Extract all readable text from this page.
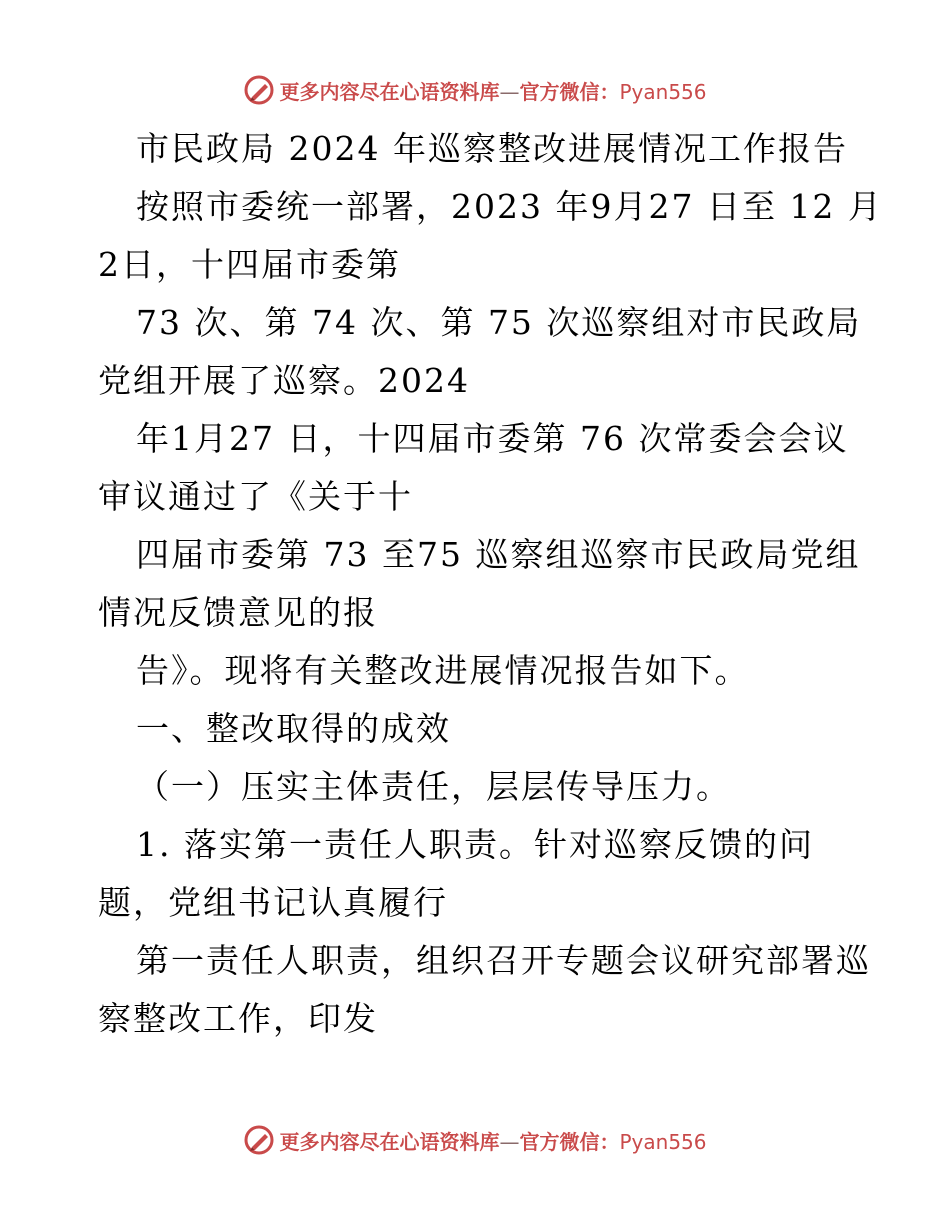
更多内容尽在心语资料库—官方微信：Pyan556
市民政局 2024 年巡察整改进展情况工作报告
按照市委统一部署，2023 年9月27 日至 12 月
2日，十四届市委第
73 次、第 74 次、第 75 次巡察组对市民政局
党组开展了巡察。2024
年1月27 日，十四届市委第 76 次常委会会议
审议通过了《关于十
四届市委第 73 至75 巡察组巡察市民政局党组
情况反馈意见的报
告》。现将有关整改进展情况报告如下。
一、整改取得的成效
（一）压实主体责任，层层传导压力。
1. 落实第一责任人职责。针对巡察反馈的问
题，党组书记认真履行
第一责任人职责，组织召开专题会议研究部署巡
察整改工作，印发
更多内容尽在心语资料库—官方微信：Pyan556
